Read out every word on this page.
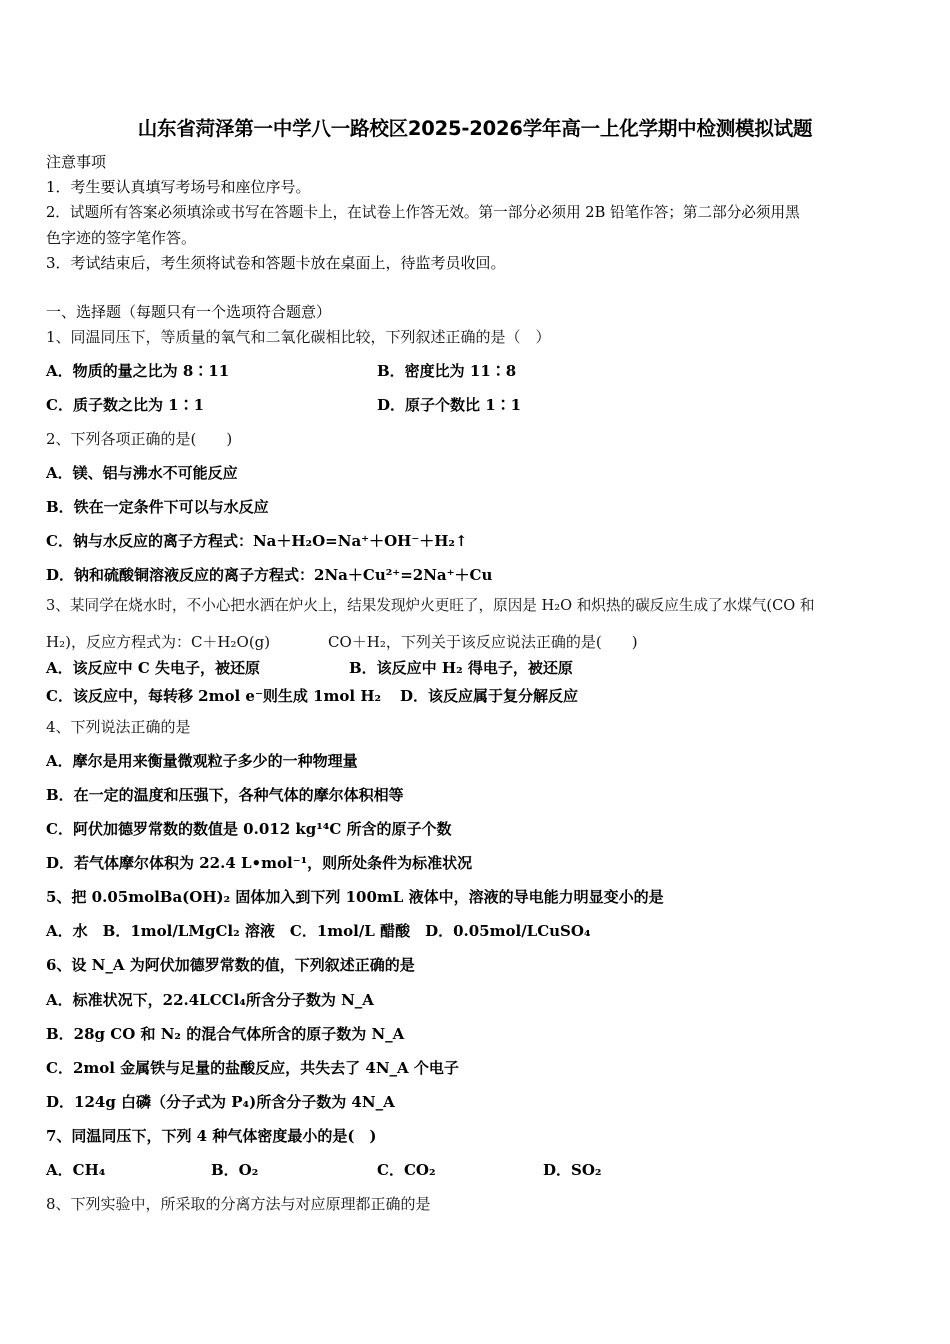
山东省菏泽第一中学八一路校区2025-2026学年高一上化学期中检测模拟试题
注意事项
1．考生要认真填写考场号和座位序号。
2．试题所有答案必须填涂或书写在答题卡上，在试卷上作答无效。第一部分必须用 2B 铅笔作答；第二部分必须用黑
色字迹的签字笔作答。
3．考试结束后，考生须将试卷和答题卡放在桌面上，待监考员收回。
一、选择题（每题只有一个选项符合题意）
1、同温同压下，等质量的氧气和二氧化碳相比较，下列叙述正确的是（　）
A．物质的量之比为 8∶11	B．密度比为 11∶8
C．质子数之比为 1∶1	D．原子个数比 1∶1
2、下列各项正确的是(　　)
A．镁、铝与沸水不可能反应
B．铁在一定条件下可以与水反应
C．钠与水反应的离子方程式：Na＋H₂O=Na⁺＋OH⁻＋H₂↑
D．钠和硫酸铜溶液反应的离子方程式：2Na＋Cu²⁺=2Na⁺＋Cu
3、某同学在烧水时，不小心把水洒在炉火上，结果发现炉火更旺了，原因是 H₂O 和炽热的碳反应生成了水煤气(CO 和
H₂)，反应方程式为：C＋H₂O(g)	CO＋H₂，下列关于该反应说法正确的是(　　)
A．该反应中 C 失电子，被还原	B．该反应中 H₂ 得电子，被还原
C．该反应中，每转移 2mol e⁻则生成 1mol H₂ D．该反应属于复分解反应
4、下列说法正确的是
A．摩尔是用来衡量微观粒子多少的一种物理量
B．在一定的温度和压强下，各种气体的摩尔体积相等
C．阿伏加德罗常数的数值是 0.012 kg¹⁴C 所含的原子个数
D．若气体摩尔体积为 22.4 L•mol⁻¹，则所处条件为标准状况
5、把 0.05molBa(OH)₂ 固体加入到下列 100mL 液体中，溶液的导电能力明显变小的是
A．水　B．1mol/LMgCl₂ 溶液　C．1mol/L 醋酸　D．0.05mol/LCuSO₄
6、设 N_A 为阿伏加德罗常数的值，下列叙述正确的是
A．标准状况下，22.4LCCl₄所含分子数为 N_A
B．28g CO 和 N₂ 的混合气体所含的原子数为 N_A
C．2mol 金属铁与足量的盐酸反应，共失去了 4N_A 个电子
D．124g 白磷（分子式为 P₄)所含分子数为 4N_A
7、同温同压下，下列 4 种气体密度最小的是(　)
A．CH₄	B．O₂	C．CO₂	D．SO₂
8、下列实验中，所采取的分离方法与对应原理都正确的是
